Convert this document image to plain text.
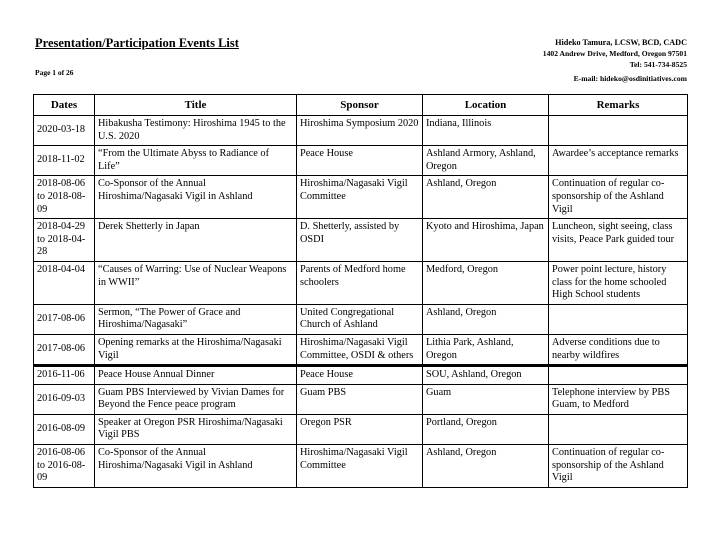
Presentation/Participation Events List
Page 1 of 26
Hideko Tamura, LCSW, BCD, CADC
1402 Andrew Drive, Medford, Oregon 97501
Tel: 541-734-8525
E-mail: hideko@osdinitiatives.com
Dates	Title	Sponsor	Location	Remarks
2020-03-18	Hibakusha Testimony: Hiroshima 1945 to the U.S. 2020	Hiroshima Symposium 2020	Indiana, Illinois	
2018-11-02	“From the Ultimate Abyss to Radiance of Life”	Peace House	Ashland Armory, Ashland, Oregon	Awardee’s acceptance remarks
2018-08-06 to 2018-08-09	Co-Sponsor of the Annual Hiroshima/Nagasaki Vigil in Ashland	Hiroshima/Nagasaki Vigil Committee	Ashland, Oregon	Continuation of regular co-sponsorship of the Ashland Vigil
2018-04-29 to 2018-04-28	Derek Shetterly in Japan	D. Shetterly, assisted by OSDI	Kyoto and Hiroshima, Japan	Luncheon, sight seeing, class visits, Peace Park guided tour
2018-04-04	“Causes of Warring: Use of Nuclear Weapons in WWII”	Parents of Medford home schoolers	Medford, Oregon	Power point lecture, history class for the home schooled High School students
2017-08-06	Sermon, “The Power of Grace and Hiroshima/Nagasaki”	United Congregational Church of Ashland	Ashland, Oregon	
2017-08-06	Opening remarks at the Hiroshima/Nagasaki Vigil	Hiroshima/Nagasaki Vigil Committee, OSDI & others	Lithia Park, Ashland, Oregon	Adverse conditions due to nearby wildfires
2016-11-06	Peace House Annual Dinner	Peace House	SOU, Ashland, Oregon	
2016-09-03	Guam PBS Interviewed by Vivian Dames for Beyond the Fence peace program	Guam PBS	Guam	Telephone interview by PBS Guam, to Medford
2016-08-09	Speaker at Oregon PSR Hiroshima/Nagasaki Vigil PBS	Oregon PSR	Portland, Oregon	
2016-08-06 to 2016-08-09	Co-Sponsor of the Annual Hiroshima/Nagasaki Vigil in Ashland	Hiroshima/Nagasaki Vigil Committee	Ashland, Oregon	Continuation of regular co-sponsorship of the Ashland Vigil
